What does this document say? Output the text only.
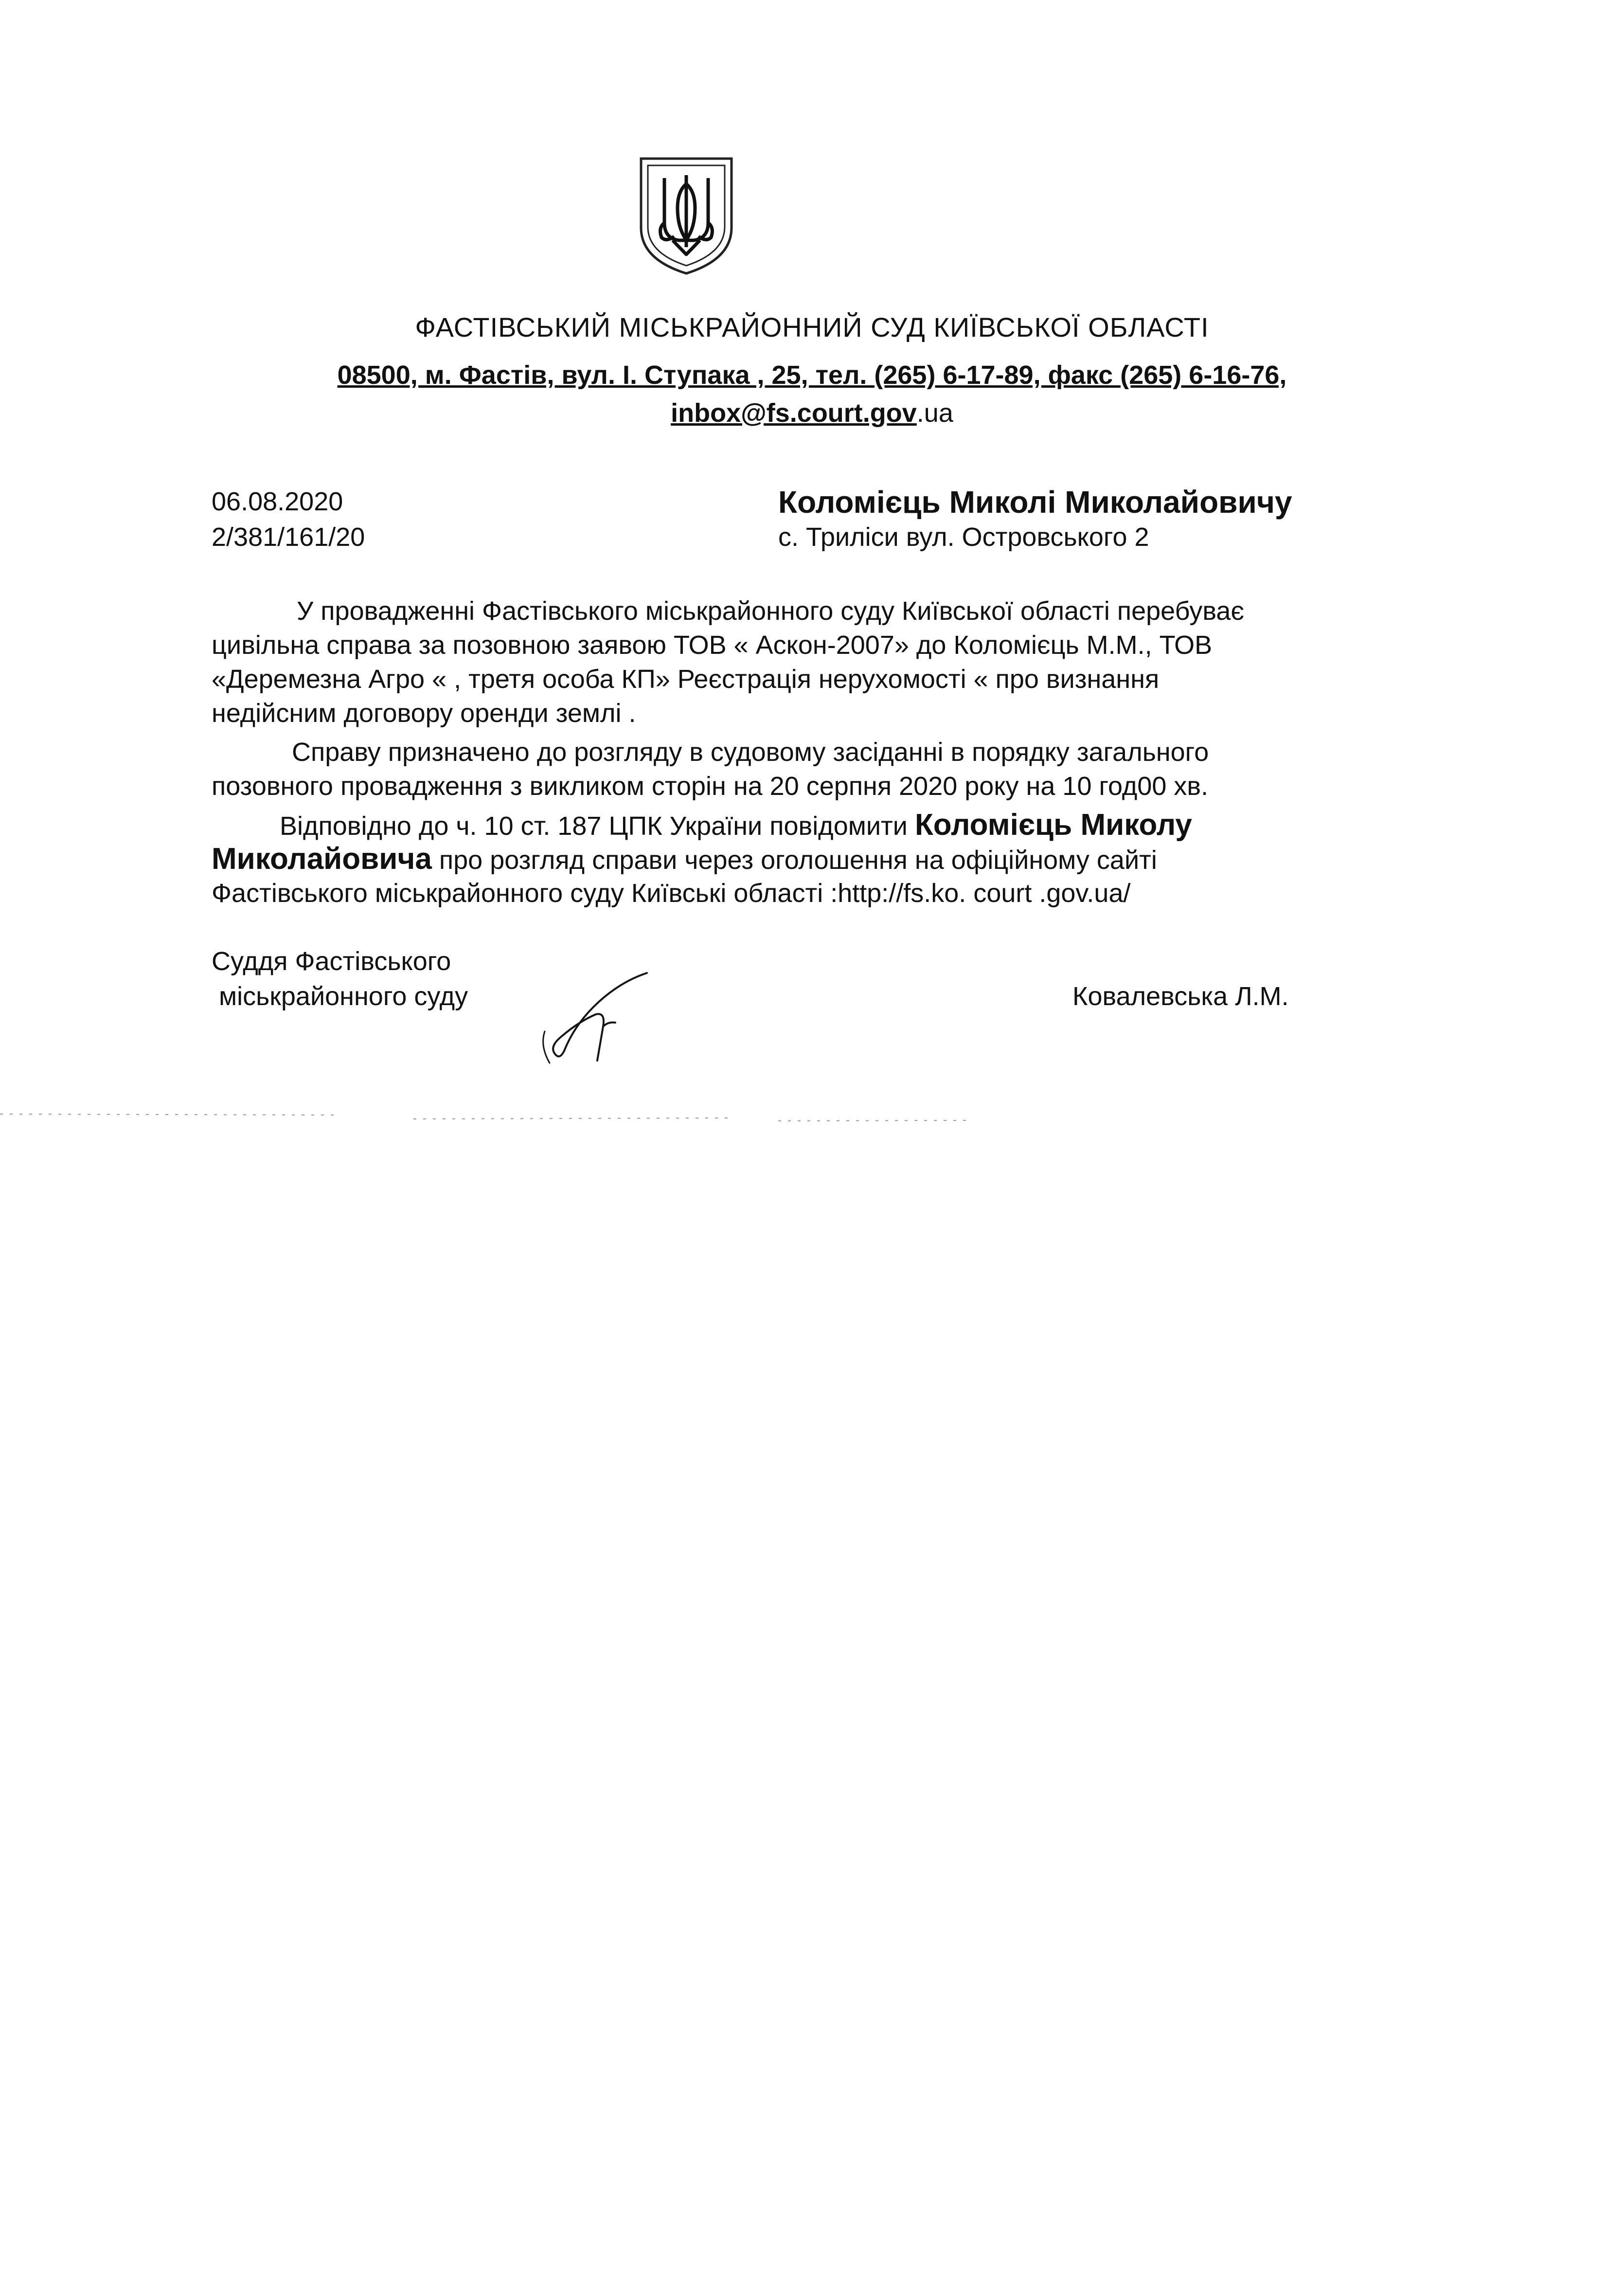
ФАСТІВСЬКИЙ МІСЬКРАЙОННИЙ СУД КИЇВСЬКОЇ ОБЛАСТІ
08500, м. Фастів, вул. І. Ступака , 25, тел. (265) 6-17-89, факс (265) 6-16-76,
inbox@fs.court.gov.ua
06.08.2020
2/381/161/20
Коломієць Миколі Миколайовичу
с. Триліси вул. Островського 2
У провадженні Фастівського міськрайонного суду Київської області перебуває
цивільна справа за позовною заявою ТОВ « Аскон-2007» до Коломієць М.М., ТОВ
«Деремезна Агро « , третя особа КП» Реєстрація нерухомості « про визнання
недійсним договору оренди землі .
Справу призначено до розгляду в судовому засіданні в порядку загального
позовного провадження з викликом сторін на 20 серпня 2020 року на 10 год00 хв.
Відповідно до ч. 10 ст. 187 ЦПК України повідомити Коломієць Миколу
Миколайовича про розгляд справи через оголошення на офіційному сайті
Фастівського міськрайонного суду Київські області :http://fs.ko. court .gov.ua/
Суддя Фастівського
міськрайонного суду	Ковалевська Л.М.
